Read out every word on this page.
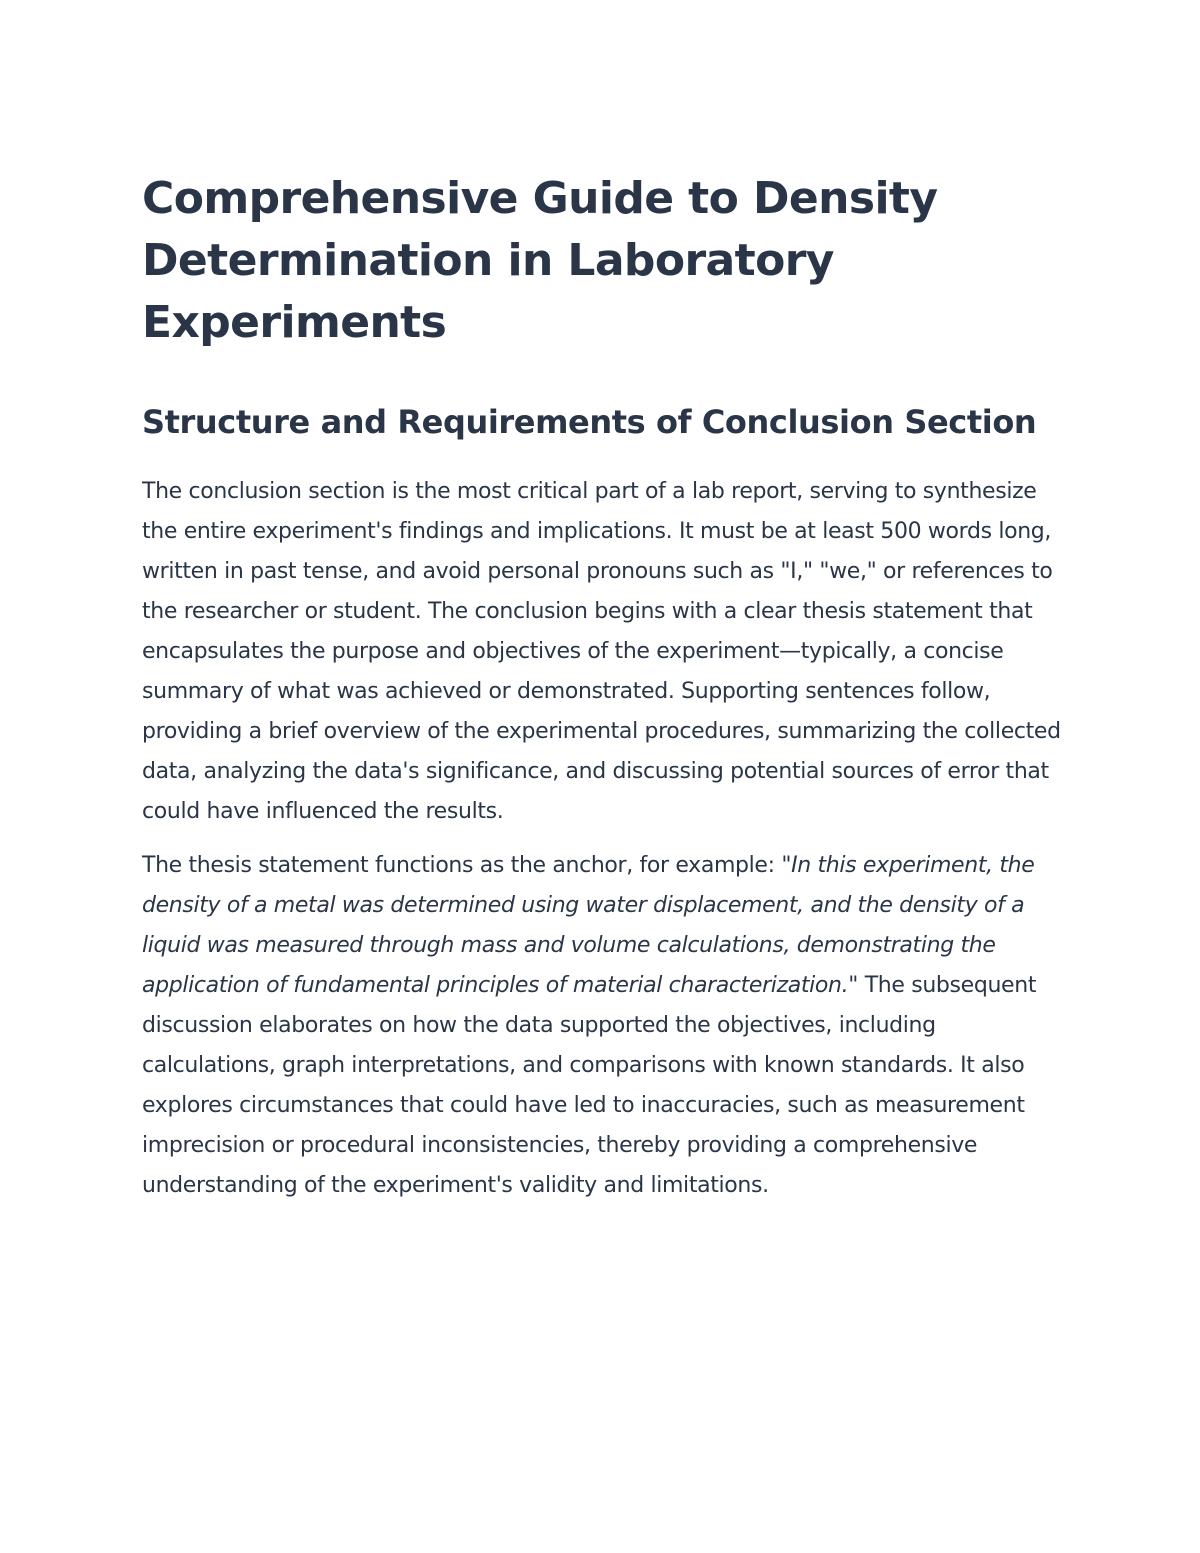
Comprehensive Guide to Density Determination in Laboratory Experiments
Structure and Requirements of Conclusion Section

The conclusion section is the most critical part of a lab report, serving to synthesize the entire experiment's findings and implications. It must be at least 500 words long, written in past tense, and avoid personal pronouns such as "I," "we," or references to the researcher or student. The conclusion begins with a clear thesis statement that encapsulates the purpose and objectives of the experiment—typically, a concise summary of what was achieved or demonstrated. Supporting sentences follow, providing a brief overview of the experimental procedures, summarizing the collected data, analyzing the data's significance, and discussing potential sources of error that could have influenced the results.

The thesis statement functions as the anchor, for example: "In this experiment, the density of a metal was determined using water displacement, and the density of a liquid was measured through mass and volume calculations, demonstrating the application of fundamental principles of material characterization." The subsequent discussion elaborates on how the data supported the objectives, including calculations, graph interpretations, and comparisons with known standards. It also explores circumstances that could have led to inaccuracies, such as measurement imprecision or procedural inconsistencies, thereby providing a comprehensive understanding of the experiment's validity and limitations.
